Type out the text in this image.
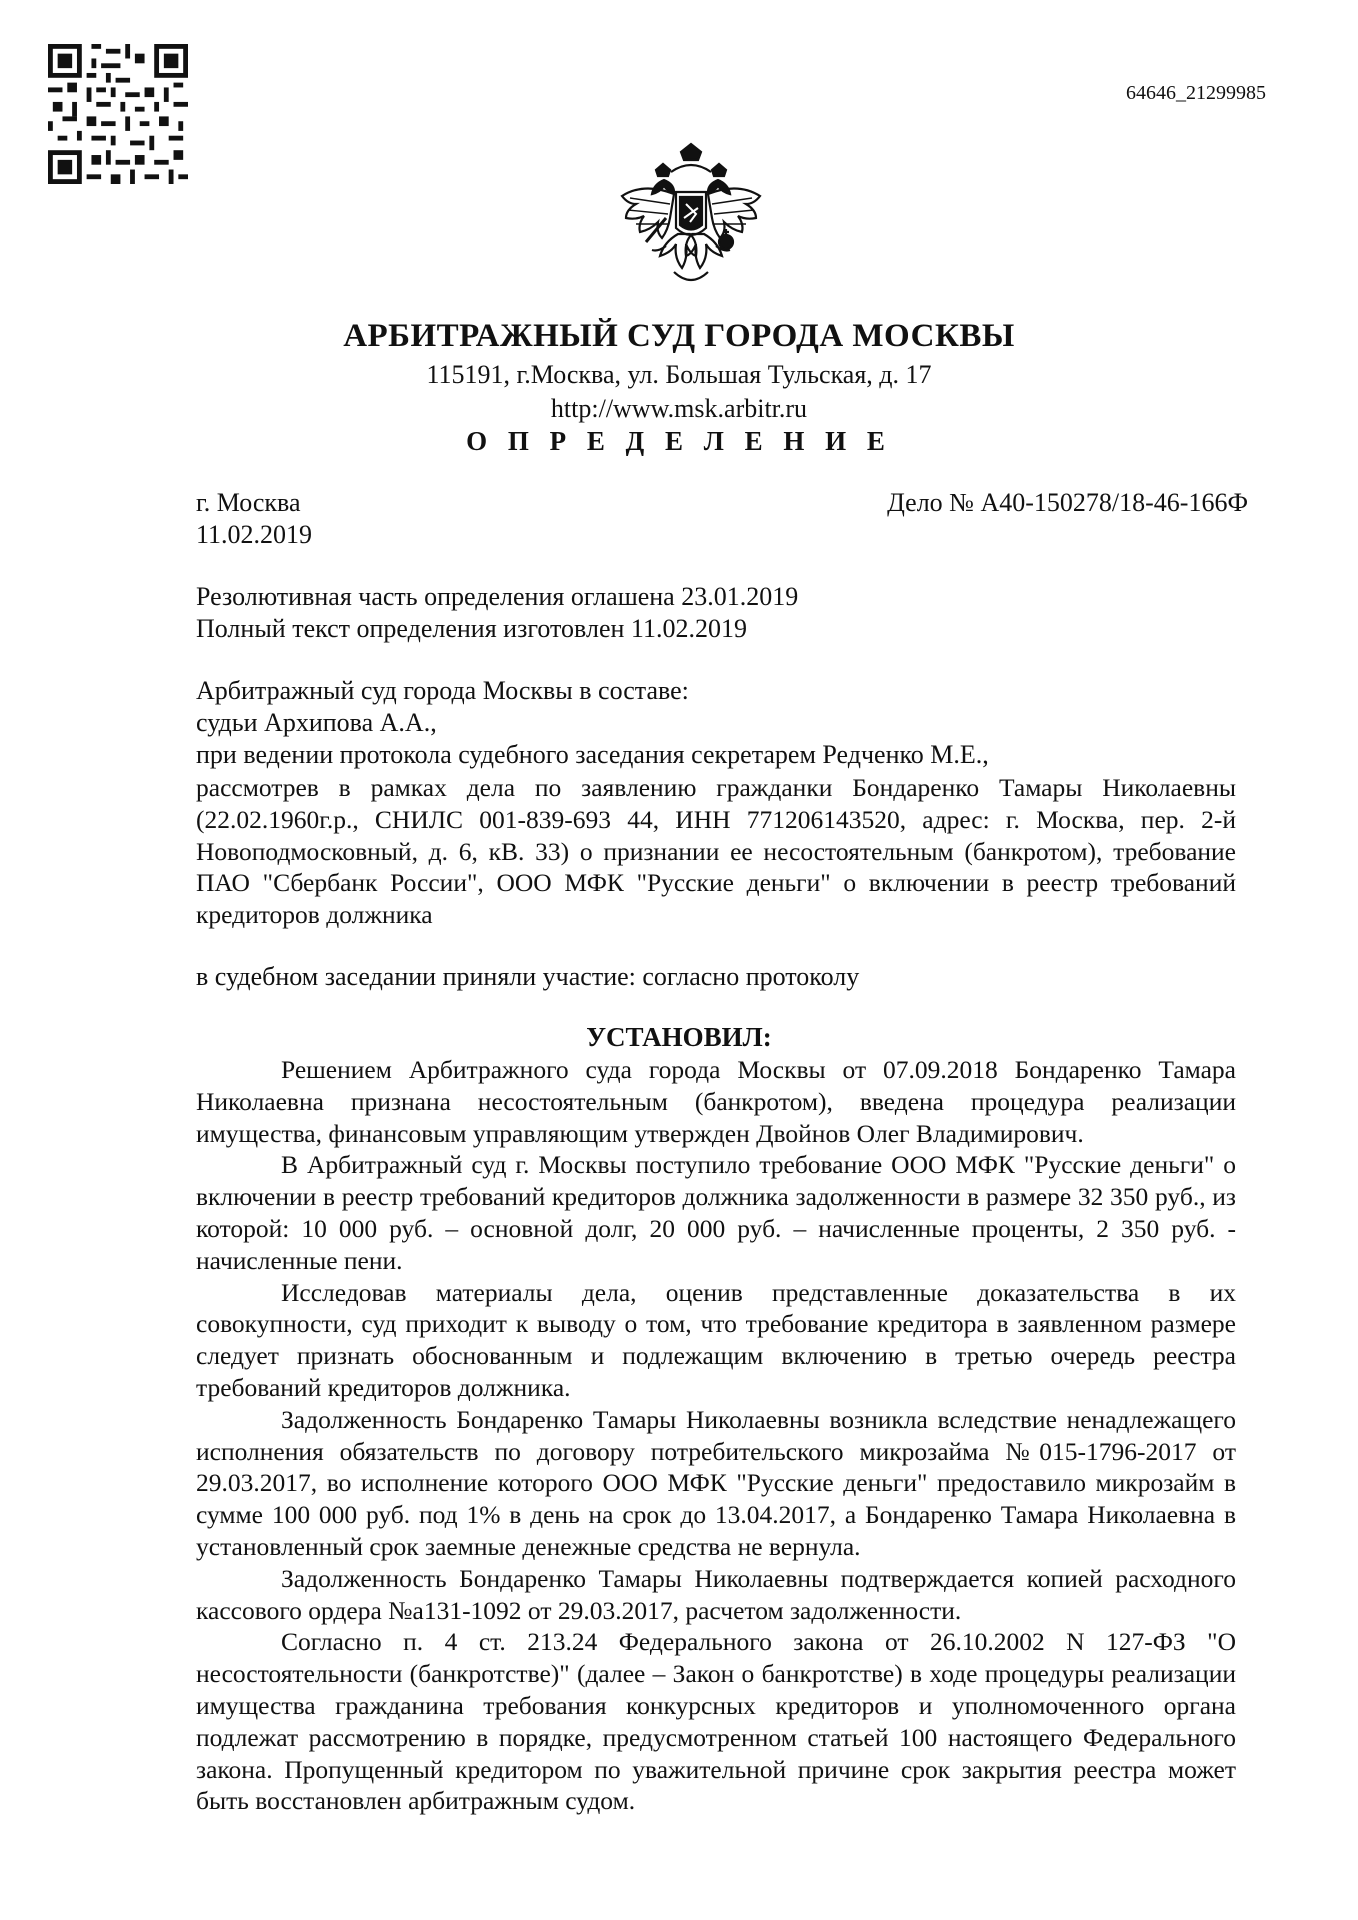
64646_21299985
АРБИТРАЖНЫЙ СУД ГОРОДА МОСКВЫ
115191, г.Москва, ул. Большая Тульская, д. 17
http://www.msk.arbitr.ru
О П Р Е Д Е Л Е Н И Е
г. Москва
11.02.2019
Дело № А40-150278/18-46-166Ф
Резолютивная часть определения оглашена 23.01.2019
Полный текст определения изготовлен 11.02.2019
Арбитражный суд города Москвы в составе:
судьи Архипова А.А.,
при ведении протокола судебного заседания секретарем Редченко М.Е.,

рассмотрев в рамках дела по заявлению гражданки Бондаренко Тамары Николаевны (22.02.1960г.р., СНИЛС 001-839-693 44, ИНН 771206143520, адрес: г. Москва, пер. 2-й Новоподмосковный, д. 6, кВ. 33) о признании ее несостоятельным (банкротом), требование ПАО "Сбербанк России", ООО МФК "Русские деньги" о включении в реестр требований кредиторов должника

в судебном заседании приняли участие: согласно протоколу
УСТАНОВИЛ:

Решением Арбитражного суда города Москвы от 07.09.2018 Бондаренко Тамара Николаевна признана несостоятельным (банкротом), введена процедура реализации имущества, финансовым управляющим утвержден Двойнов Олег Владимирович.

В Арбитражный суд г. Москвы поступило требование ООО МФК "Русские деньги" о включении в реестр требований кредиторов должника задолженности в размере 32 350 руб., из которой: 10 000 руб. – основной долг, 20 000 руб. – начисленные проценты, 2 350 руб. - начисленные пени.

Исследовав материалы дела, оценив представленные доказательства в их совокупности, суд приходит к выводу о том, что требование кредитора в заявленном размере следует признать обоснованным и подлежащим включению в третью очередь реестра требований кредиторов должника.

Задолженность Бондаренко Тамары Николаевны возникла вследствие ненадлежащего исполнения обязательств по договору потребительского микрозайма №015-1796-2017 от 29.03.2017, во исполнение которого ООО МФК "Русские деньги" предоставило микрозайм в сумме 100 000 руб. под 1% в день на срок до 13.04.2017, а Бондаренко Тамара Николаевна в установленный срок заемные денежные средства не вернула.

Задолженность Бондаренко Тамары Николаевны подтверждается копией расходного кассового ордера №а131-1092 от 29.03.2017, расчетом задолженности.

Согласно п. 4 ст. 213.24 Федерального закона от 26.10.2002 N 127-ФЗ "О несостоятельности (банкротстве)" (далее – Закон о банкротстве) в ходе процедуры реализации имущества гражданина требования конкурсных кредиторов и уполномоченного органа подлежат рассмотрению в порядке, предусмотренном статьей 100 настоящего Федерального закона. Пропущенный кредитором по уважительной причине срок закрытия реестра может быть восстановлен арбитражным судом.
